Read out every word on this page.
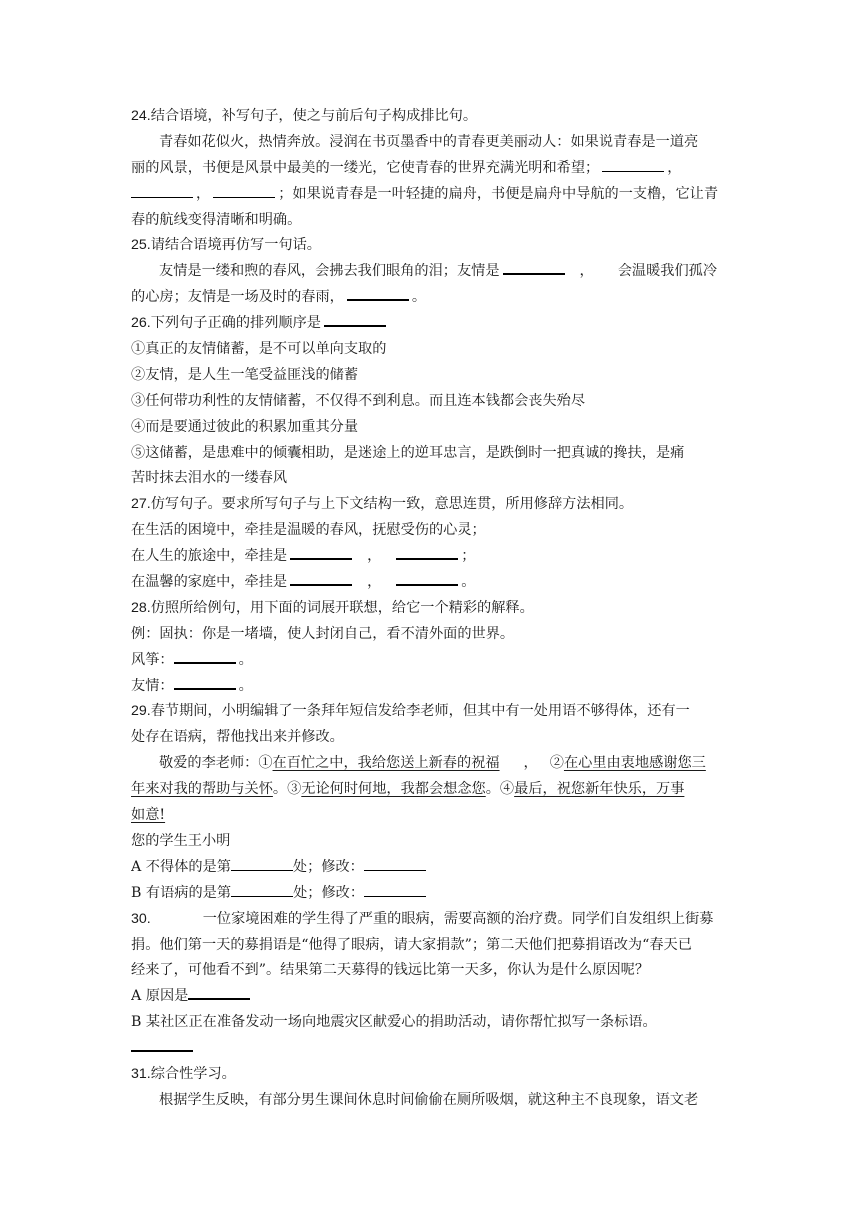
24.结合语境，补写句子，使之与前后句子构成排比句。
青春如花似火，热情奔放。浸润在书页墨香中的青春更美丽动人：如果说青春是一道亮
丽的风景，书便是风景中最美的一缕光，它使青春的世界充满光明和希望；	，
，	；如果说青春是一叶轻捷的扁舟，书便是扁舟中导航的一支橹，它让青
春的航线变得清晰和明确。
25.请结合语境再仿写一句话。
友情是一缕和煦的春风，会拂去我们眼角的泪；友情是	， 会温暖我们孤冷
的心房；友情是一场及时的春雨，	。
26.下列句子正确的排列顺序是
①真正的友情储蓄，是不可以单向支取的
②友情，是人生一笔受益匪浅的储蓄
③任何带功利性的友情储蓄，不仅得不到利息。而且连本钱都会丧失殆尽
④而是要通过彼此的积累加重其分量
⑤这储蓄，是患难中的倾囊相助，是迷途上的逆耳忠言，是跌倒时一把真诚的搀扶，是痛
苦时抹去泪水的一缕春风
27.仿写句子。要求所写句子与上下文结构一致，意思连贯，所用修辞方法相同。
在生活的困境中，牵挂是温暖的春风，抚慰受伤的心灵；
在人生的旅途中，牵挂是	，	；
在温馨的家庭中，牵挂是	，	。
28.仿照所给例句，用下面的词展开联想，给它一个精彩的解释。
例：固执：你是一堵墙，使人封闭自己，看不清外面的世界。
风筝：	。
友情：	。
29.春节期间，小明编辑了一条拜年短信发给李老师，但其中有一处用语不够得体，还有一
处存在语病，帮他找出来并修改。
敬爱的李老师：①在百忙之中，我给您送上新春的祝福 ， ②在心里由衷地感谢您三
年来对我的帮助与关怀。③无论何时何地，我都会想念您。④最后，祝您新年快乐，万事
如意!
您的学生王小明
A 不得体的是第	处；修改：
B 有语病的是第	处；修改：
30.	一位家境困难的学生得了严重的眼病，需要高额的治疗费。同学们自发组织上街募
捐。他们第一天的募捐语是“他得了眼病，请大家捐款”；第二天他们把募捐语改为“春天已
经来了，可他看不到”。结果第二天募得的钱远比第一天多，你认为是什么原因呢？
A 原因是
B 某社区正在准备发动一场向地震灾区献爱心的捐助活动，请你帮忙拟写一条标语。
31.综合性学习。
根据学生反映，有部分男生课间休息时间偷偷在厕所吸烟，就这种主不良现象，语文老
